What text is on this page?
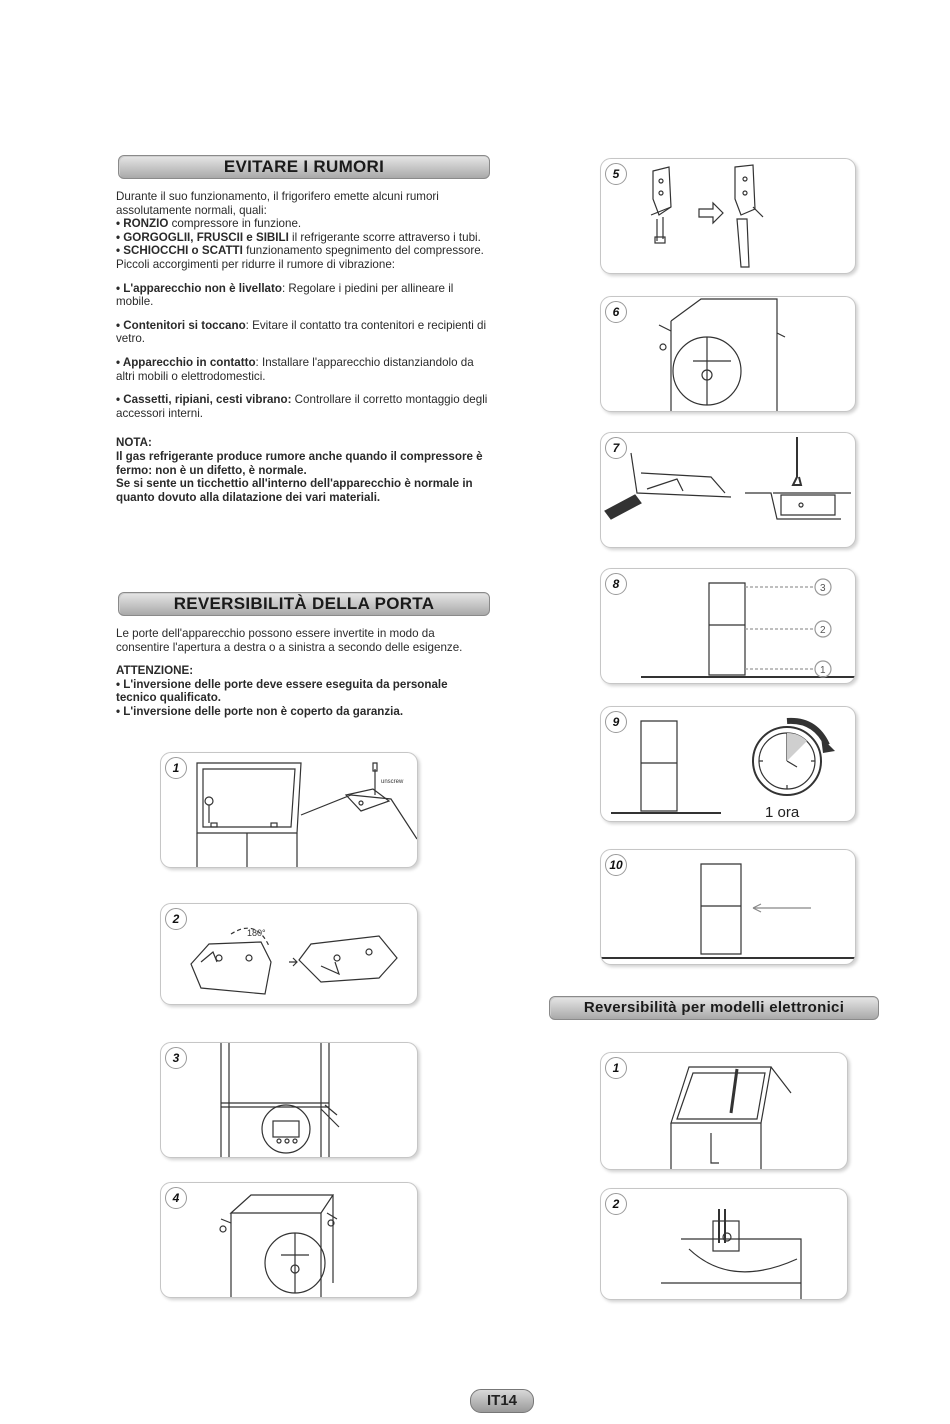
EVITARE I RUMORI

Durante il suo funzionamento, il frigorifero emette alcuni rumori assolutamente normali, quali:

• RONZIO compressore in funzione.

• GORGOGLII, FRUSCII e SIBILI il refrigerante scorre attraverso i tubi.

• SCHIOCCHI o SCATTI funzionamento spegnimento del compressore.

Piccoli accorgimenti per ridurre il rumore di vibrazione:

• L'apparecchio non è livellato: Regolare i piedini per allineare il mobile.

• Contenitori si toccano: Evitare il contatto tra contenitori e recipienti di vetro.

• Apparecchio in contatto: Installare l'apparecchio distanziandolo da altri mobili o elettrodomestici.

• Cassetti, ripiani, cesti vibrano: Controllare il corretto montaggio degli accessori interni.

NOTA:

Il gas refrigerante produce rumore anche quando il compressore è fermo: non è un difetto, è normale.

Se si sente un ticchettio all'interno dell'apparecchio è normale in quanto dovuto alla dilatazione dei vari materiali.

REVERSIBILITÀ DELLA PORTA

Le porte dell'apparecchio possono essere invertite in modo da consentire l'apertura a destra o a sinistra a secondo delle esigenze.

ATTENZIONE:

• L'inversione delle porte deve essere eseguita da personale tecnico qualificato.

• L'inversione delle porte non è coperto da garanzia.

unscrew
1
180°
2
3
4
5
6
7
3
2
1
8
1 ora
9
10
Reversibilità per modelli elettronici
1
2
IT14
